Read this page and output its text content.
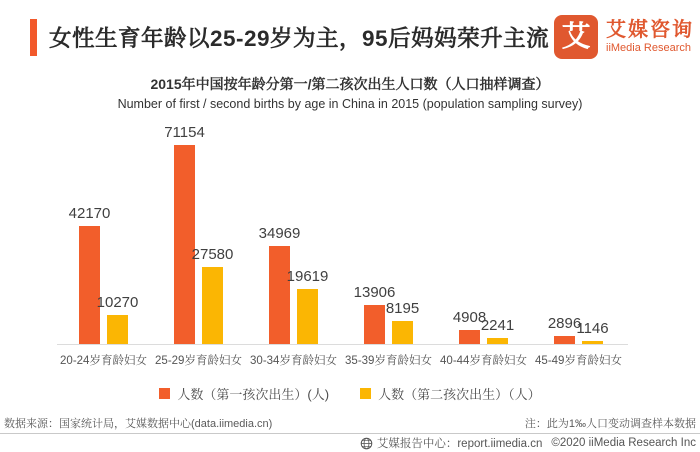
女性生育年龄以25-29岁为主，95后妈妈荣升主流 艾 艾媒咨询
iiMedia Research
2015年中国按年龄分第一/第二孩次出生人口数（人口抽样调查）
Number of first / second births by age in China in 2015 (population sampling survey)
42170
10270
20-24岁育龄妇女
71154
27580
25-29岁育龄妇女
34969
19619
30-34岁育龄妇女
13906
8195
35-39岁育龄妇女
4908
2241
40-44岁育龄妇女
2896
1146
45-49岁育龄妇女
人数（第一孩次出生）(人)	人数（第二孩次出生）（人）
数据来源：国家统计局，艾媒数据中心(data.iimedia.cn)	注：此为1‰人口变动调查样本数据
艾媒报告中心：report.iimedia.cn ©2020 iiMedia Research Inc
